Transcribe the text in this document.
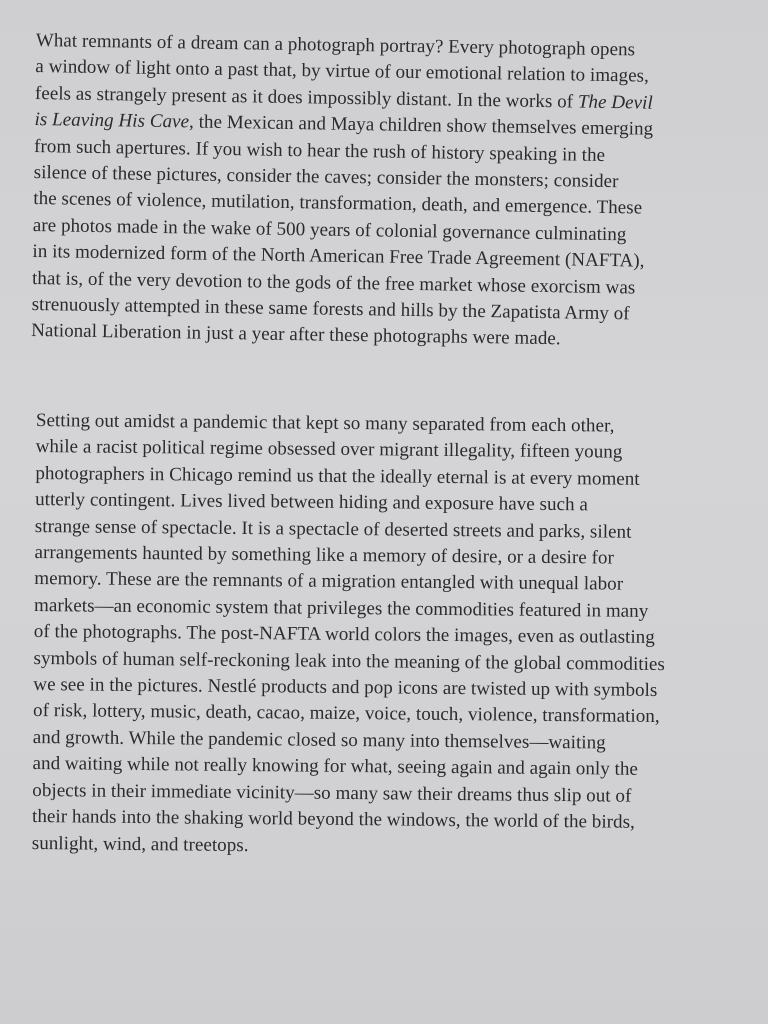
What remnants of a dream can a photograph portray? Every photograph opens
a window of light onto a past that, by virtue of our emotional relation to images,
feels as strangely present as it does impossibly distant. In the works of The Devil
is Leaving His Cave, the Mexican and Maya children show themselves emerging
from such apertures. If you wish to hear the rush of history speaking in the
silence of these pictures, consider the caves; consider the monsters; consider
the scenes of violence, mutilation, transformation, death, and emergence. These
are photos made in the wake of 500 years of colonial governance culminating
in its modernized form of the North American Free Trade Agreement (NAFTA),
that is, of the very devotion to the gods of the free market whose exorcism was
strenuously attempted in these same forests and hills by the Zapatista Army of
National Liberation in just a year after these photographs were made.
Setting out amidst a pandemic that kept so many separated from each other,
while a racist political regime obsessed over migrant illegality, fifteen young
photographers in Chicago remind us that the ideally eternal is at every moment
utterly contingent. Lives lived between hiding and exposure have such a
strange sense of spectacle. It is a spectacle of deserted streets and parks, silent
arrangements haunted by something like a memory of desire, or a desire for
memory. These are the remnants of a migration entangled with unequal labor
markets—an economic system that privileges the commodities featured in many
of the photographs. The post-NAFTA world colors the images, even as outlasting
symbols of human self-reckoning leak into the meaning of the global commodities
we see in the pictures. Nestlé products and pop icons are twisted up with symbols
of risk, lottery, music, death, cacao, maize, voice, touch, violence, transformation,
and growth. While the pandemic closed so many into themselves—waiting
and waiting while not really knowing for what, seeing again and again only the
objects in their immediate vicinity—so many saw their dreams thus slip out of
their hands into the shaking world beyond the windows, the world of the birds,
sunlight, wind, and treetops.
